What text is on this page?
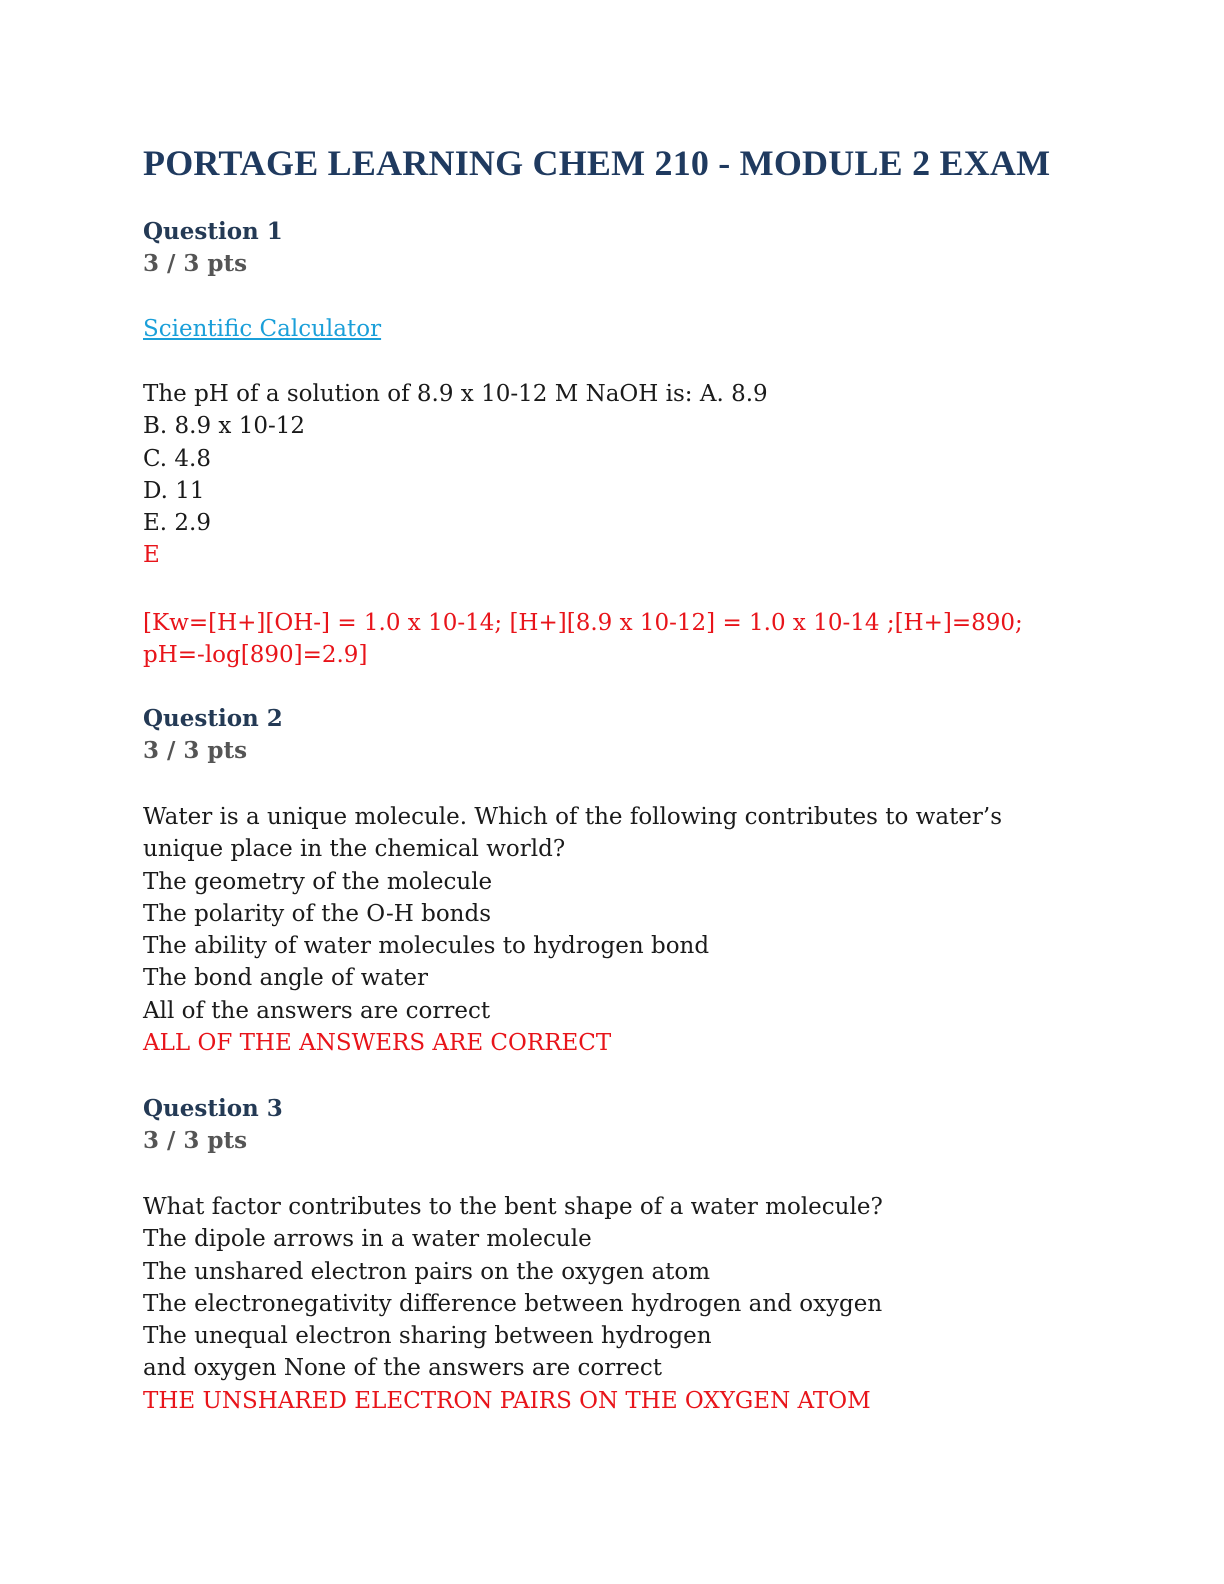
PORTAGE LEARNING CHEM 210 - MODULE 2 EXAM
Question 1
3 / 3 pts
Scientific Calculator
The pH of a solution of 8.9 x 10-12 M NaOH is: A. 8.9
B. 8.9 x 10-12
C. 4.8
D. 11
E. 2.9
E

[Kw=[H+][OH-] = 1.0 x 10-14; [H+][8.9 x 10-12] = 1.0 x 10-14 ;[H+]=890; pH=-log[890]=2.9]

Question 2
3 / 3 pts
Water is a unique molecule. Which of the following contributes to water’s
unique place in the chemical world?
The geometry of the molecule
The polarity of the O-H bonds
The ability of water molecules to hydrogen bond
The bond angle of water
All of the answers are correct
ALL OF THE ANSWERS ARE CORRECT
Question 3
3 / 3 pts
What factor contributes to the bent shape of a water molecule?
The dipole arrows in a water molecule
The unshared electron pairs on the oxygen atom
The electronegativity difference between hydrogen and oxygen
The unequal electron sharing between hydrogen
and oxygen None of the answers are correct
THE UNSHARED ELECTRON PAIRS ON THE OXYGEN ATOM
